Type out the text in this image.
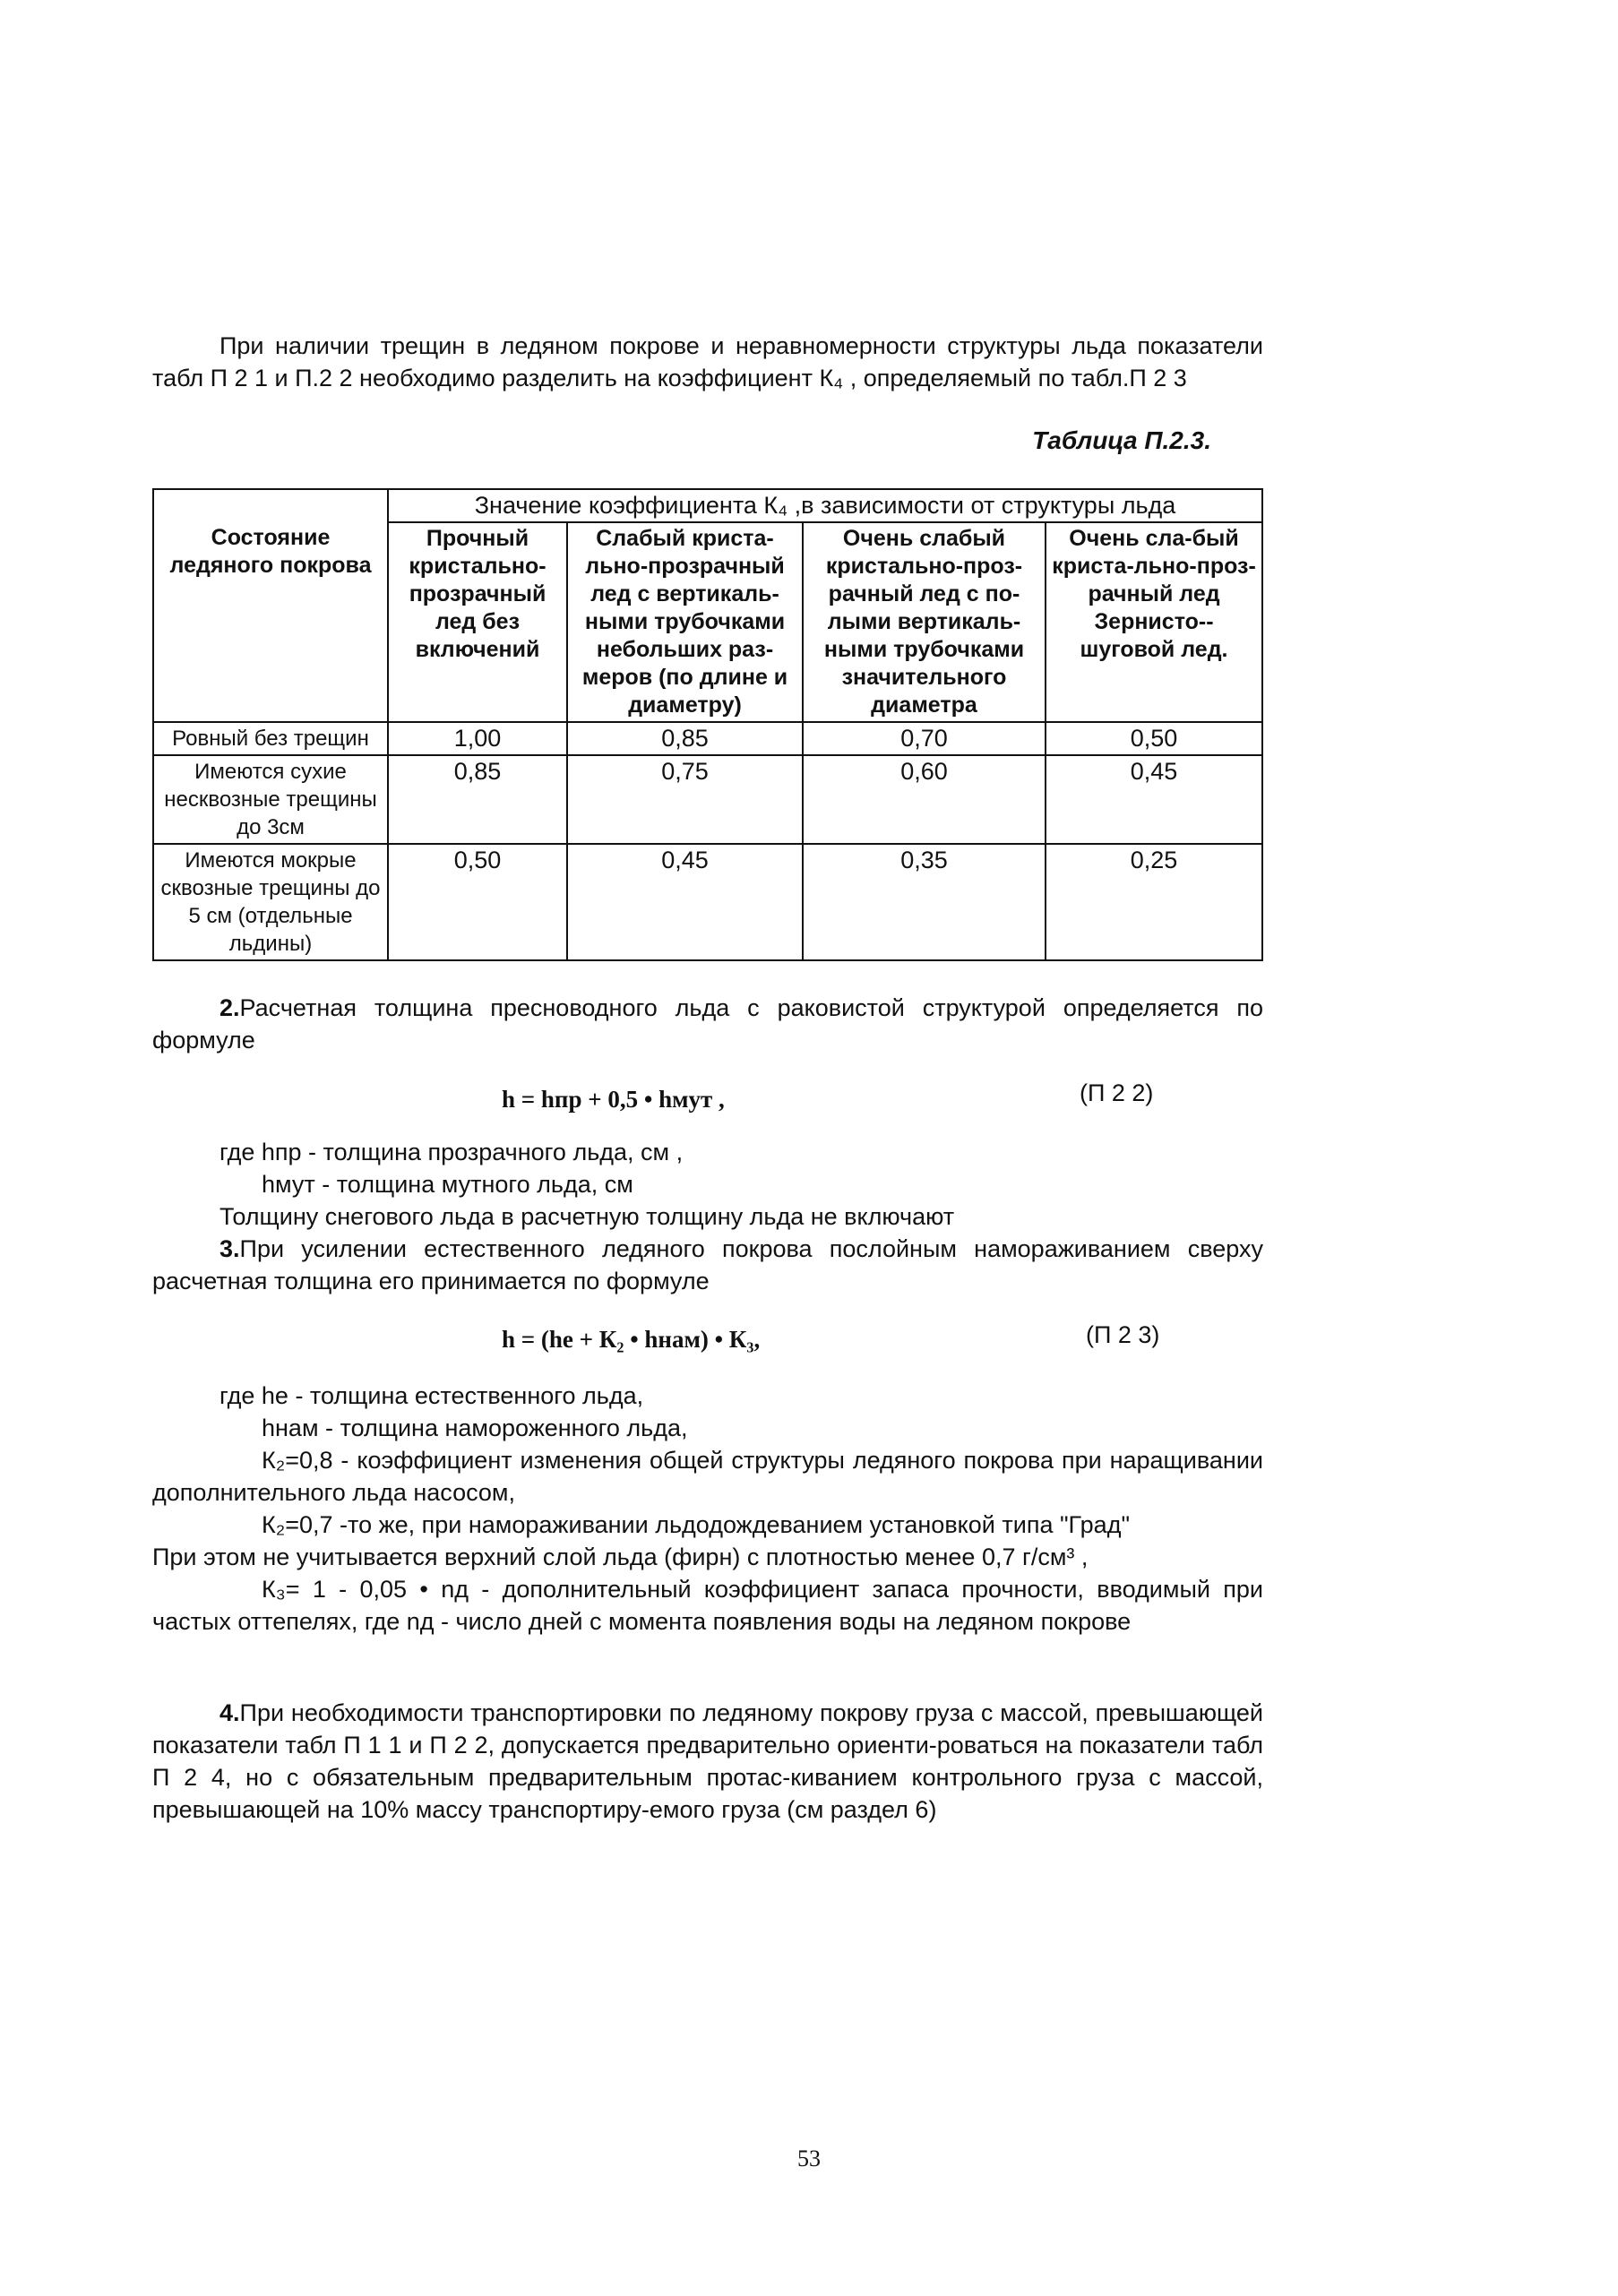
При наличии трещин в ледяном покрове и неравномерности структуры льда показатели табл П 2 1 и П.2 2 необходимо разделить на коэффициент К₄ , определяемый по табл.П 2 3

Таблица П.2.3.
	Значение коэффициента К₄ ,в зависимости от структуры льда			
Состояние ледяного покрова	Прочный кристально-прозрачный лед без включений	Слабый криста-льно-прозрачный лед с вертикаль-ными трубочками небольших раз-меров (по длине и диаметру)	Очень слабый кристально-проз-рачный лед с по-лыми вертикаль-ными трубочками значительного диаметра	Очень сла-бый криста-льно-проз-рачный лед Зернисто--шуговой лед.
Ровный без трещин	1,00	0,85	0,70	0,50
Имеются сухие несквозные трещины до 3см	0,85	0,75	0,60	0,45
Имеются мокрые сквозные трещины до 5 см (отдельные льдины)	0,50	0,45	0,35	0,25

2.Расчетная толщина пресноводного льда с раковистой структурой определяется по формуле

h = hпр + 0,5 • hмут ,	(П 2 2)

где hпр - толщина прозрачного льда, см ,

hмут - толщина мутного льда, см

Толщину снегового льда в расчетную толщину льда не включают

3.При усилении естественного ледяного покрова послойным намораживанием сверху расчетная толщина его принимается по формуле

h = (hе + К₂ • hнам) • К₃,	(П 2 3)

где hе - толщина естественного льда,

hнам - толщина намороженного льда,

К₂=0,8 - коэффициент изменения общей структуры ледяного покрова при наращивании дополнительного льда насосом,

К₂=0,7 -то же, при намораживании льдодождеванием установкой типа "Град"

При этом не учитывается верхний слой льда (фирн) с плотностью менее 0,7 г/см³ ,

К₃= 1 - 0,05 • nд - дополнительный коэффициент запаса прочности, вводимый при частых оттепелях, где nд - число дней с момента появления воды на ледяном покрове

4.При необходимости транспортировки по ледяному покрову груза с массой, превышающей показатели табл П 1 1 и П 2 2, допускается предварительно ориенти-роваться на показатели табл П 2 4, но с обязательным предварительным протас-киванием контрольного груза с массой, превышающей на 10% массу транспортиру-емого груза (см раздел 6)

53
